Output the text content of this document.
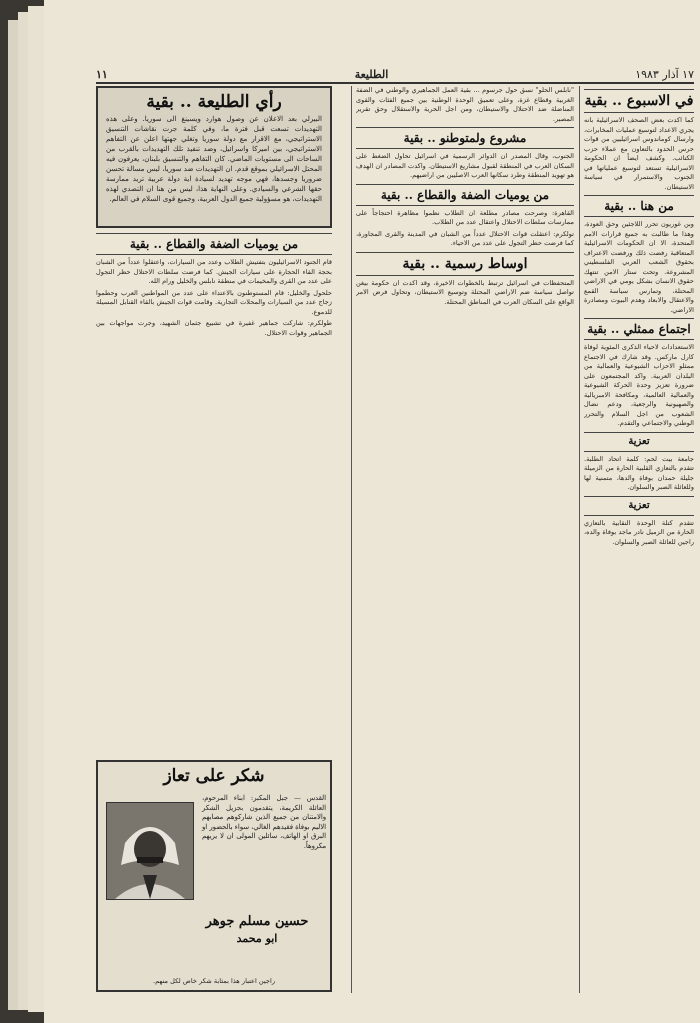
١٧ آذار ١٩٨٣
الطليعة
١١
في الاسبوع .. بقية

كما اكدت بعض الصحف الاسرائيلية بانه يجري الاعداد لتوسيع عمليات المخابرات، وارسال كوماندوس اسرائيليين من قوات حرس الحدود بالتعاون مع عملاء حزب الكتائب. وكشف ايضاً ان الحكومة الاسرائيلية تستعد لتوسيع عملياتها في الجنوب والاستمرار في سياسة الاستيطان.

من هنا .. بقية

وبن غوريون تحرر اللاجئين وحق العودة، وهذا ما طالبت به جميع قرارات الامم المتحدة، الا ان الحكومات الاسرائيلية المتعاقبة رفضت ذلك ورفضت الاعتراف بحقوق الشعب العربي الفلسطيني المشروعة. وتحت ستار الامن تنتهك حقوق الانسان بشكل يومي في الاراضي المحتلة، وتمارس سياسة القمع والاعتقال والابعاد وهدم البيوت ومصادرة الاراضي.

اجتماع ممثلي .. بقية

الاستعدادات لاحياء الذكرى المئوية لوفاة كارل ماركس. وقد شارك في الاجتماع ممثلو الاحزاب الشيوعية والعمالية من البلدان العربية. واكد المجتمعون على ضرورة تعزيز وحدة الحركة الشيوعية والعمالية العالمية، ومكافحة الامبريالية والصهيونية والرجعية، ودعم نضال الشعوب من اجل السلام والتحرر الوطني والاجتماعي والتقدم.

تعزية

جامعة بيت لحم: كلمة اتحاد الطلبة. تتقدم بالتعازي القلبية الحارة من الزميلة جليلة حمدان بوفاة والدها، متمنية لها وللعائلة الصبر والسلوان.

تعزية

تتقدم كتلة الوحدة النقابية بالتعازي الحارة من الزميل نادر ماجد بوفاة والده، راجين للعائلة الصبر والسلوان.

"نابلس الحلو" نسق حول جرسوم ... بقية العمل الجماهيري والوطني في الضفة الغربية وقطاع غزة، وعلى تعميق الوحدة الوطنية بين جميع الفئات والقوى المناضلة ضد الاحتلال والاستيطان، ومن اجل الحرية والاستقلال وحق تقرير المصير.

مشروع ولمتوطنو .. بقية

الجنوب، وقال المصدر ان الدوائر الرسمية في اسرائيل تحاول الضغط على السكان العرب في المنطقة لقبول مشاريع الاستيطان. واكدت المصادر ان الهدف هو تهويد المنطقة وطرد سكانها العرب الاصليين من اراضيهم.

من يوميات الضفة والقطاع .. بقية

القاهرة: وصرحت مصادر مطلعة ان الطلاب نظموا مظاهرة احتجاجاً على ممارسات سلطات الاحتلال واعتقال عدد من الطلاب.

تولكرم: اعتقلت قوات الاحتلال عدداً من الشبان في المدينة والقرى المجاورة، كما فرضت حظر التجول على عدد من الاحياء.

اوساط رسمية .. بقية

المتحفظات في اسرائيل ترتبط بالخطوات الاخيرة، وقد اكدت ان حكومة بيغن تواصل سياسة ضم الاراضي المحتلة وتوسيع الاستيطان، وتحاول فرض الامر الواقع على السكان العرب في المناطق المحتلة.

رأي الطليعة .. بقية
البيرلي بعد الاعلان عن وصول هوارد ويسينغ الى سوريا. وعلى هذه التهديدات تسعت قبل فترة ما، وفي كلمة جرت نقاشات التنسيق الاستراتيجي، مع الاقرار مع دولة سوريا وتغلي جهتها اعلن عن التفاهم الاستراتيجي، بين اميركا واسرائيل، وضد تنفيذ تلك التهديدات بالقرب من الساحات الى مستويات الماضي. كان التفاهم والتنسيق بلبنان، يعرفون فيه المحتل الاسرائيلي بموقع قدم. ان التهديدات ضد سوريا، ليس مسالة تحسن ضروريا وجسدها، فهي موجه تهديد لسيادة اية دولة عربية تريد ممارسة حقها الشرعي والسيادي. وعلى النهاية هذا، ليس من هنا ان التصدي لهذه التهديدات، هو مسؤولية جميع الدول العربية، وجميع قوى السلام في العالم.
من يوميات الضفة والقطاع .. بقية

قام الجنود الاسرائيليون بتفتيش الطلاب وعدد من السيارات، واعتقلوا عدداً من الشبان بحجة القاء الحجارة على سيارات الجيش. كما فرضت سلطات الاحتلال حظر التجول على عدد من القرى والمخيمات في منطقة نابلس والخليل ورام الله.

حلحول والخليل: قام المستوطنون بالاعتداء على عدد من المواطنين العرب وحطموا زجاج عدد من السيارات والمحلات التجارية. وقامت قوات الجيش بالقاء القنابل المسيلة للدموع.

طولكرم: شاركت جماهير غفيرة في تشييع جثمان الشهيد، وجرت مواجهات بين الجماهير وقوات الاحتلال.

شكر على تعاز
القدس — جبل المكبر: ابناء المرحوم، العائلة الكريمة، يتقدمون بجزيل الشكر والامتنان من جميع الذين شاركوهم مصابهم الاليم بوفاة فقيدهم الغالي، سواء بالحضور او البرق او الهاتف، سائلين المولى ان لا يريهم مكروهاً.
حسين مسلم جوهر
ابو محمد
راجين اعتبار هذا بمثابة شكر خاص لكل منهم.
